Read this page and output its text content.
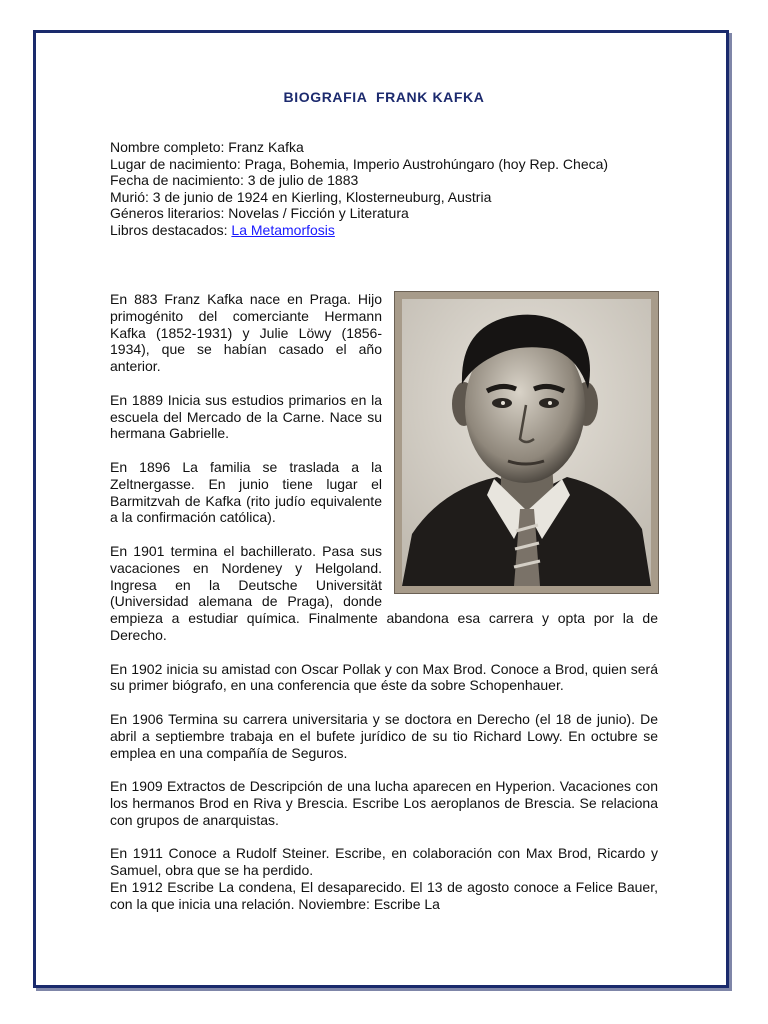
BIOGRAFIA  FRANK KAFKA
Nombre completo: Franz Kafka
Lugar de nacimiento: Praga, Bohemia, Imperio Austrohúngaro (hoy Rep. Checa)
Fecha de nacimiento: 3 de julio de 1883
Murió: 3 de junio de 1924 en Kierling, Klosterneuburg, Austria
Géneros literarios: Novelas / Ficción y Literatura
Libros destacados: La Metamorfosis

En 883 Franz Kafka nace en Praga. Hijo primogénito del comerciante Hermann Kafka (1852-1931) y Julie Löwy (1856-1934), que se habían casado el año anterior.

En 1889 Inicia sus estudios primarios en la escuela del Mercado de la Carne. Nace su hermana Gabrielle.

En 1896 La familia se traslada a la Zeltnergasse. En junio tiene lugar el Barmitzvah de Kafka (rito judío equivalente a la confirmación católica).

En 1901 termina el bachillerato. Pasa sus vacaciones en Nordeney y Helgoland. Ingresa en la Deutsche Universität (Universidad alemana de Praga), donde empieza a estudiar química. Finalmente abandona esa carrera y opta por la de Derecho.

En 1902 inicia su amistad con Oscar Pollak y con Max Brod. Conoce a Brod, quien será su primer biógrafo, en una conferencia que éste da sobre Schopenhauer.

En 1906 Termina su carrera universitaria y se doctora en Derecho (el 18 de junio). De abril a septiembre trabaja en el bufete jurídico de su tio Richard Lowy. En octubre se emplea en una compañía de Seguros.

En 1909 Extractos de Descripción de una lucha aparecen en Hyperion. Vacaciones con los hermanos Brod en Riva y Brescia. Escribe Los aeroplanos de Brescia. Se relaciona con grupos de anarquistas.

En 1911 Conoce a Rudolf Steiner. Escribe, en colaboración con Max Brod, Ricardo y Samuel, obra que se ha perdido.

En 1912 Escribe La condena, El desaparecido. El 13 de agosto conoce a Felice Bauer, con la que inicia una relación. Noviembre: Escribe La
